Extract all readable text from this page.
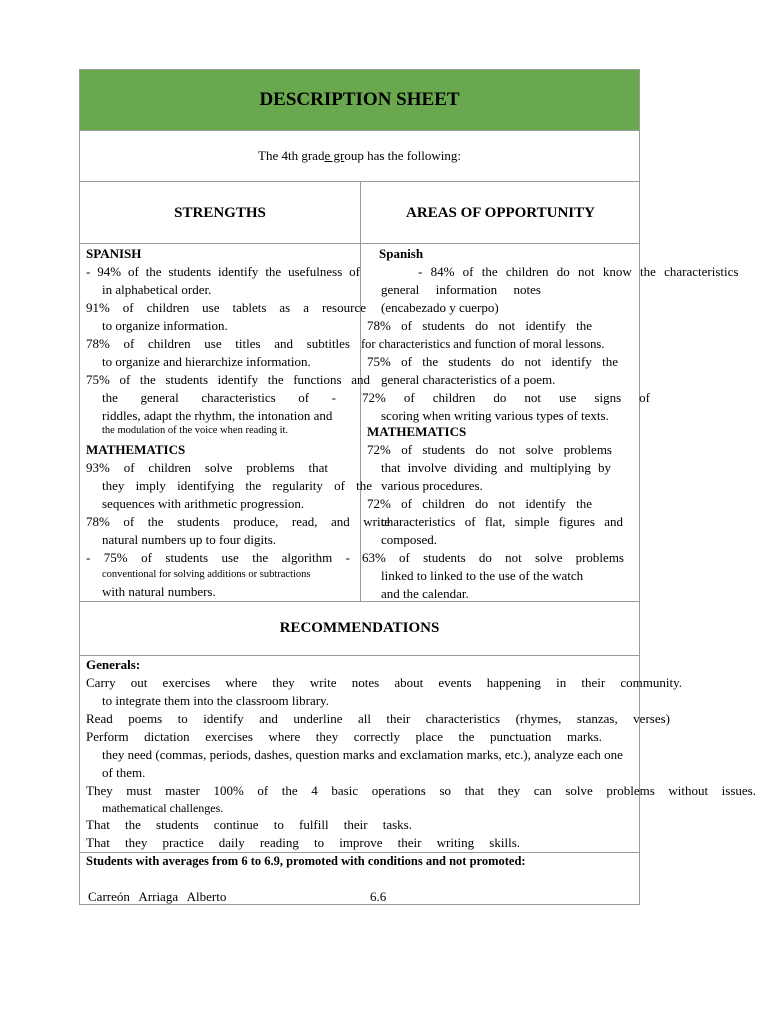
DESCRIPTION SHEET
The 4th grade group has the following:
STRENGTHS	AREAS OF OPPORTUNITY
SPANISH
- 94% of the students identify the usefulness of
in alphabetical order.
91% of children use tablets as a resource
to organize information.
78% of children use titles and subtitles
to organize and hierarchize information.
75% of the students identify the functions and
the general characteristics of -
riddles, adapt the rhythm, the intonation and
the modulation of the voice when reading it.
MATHEMATICS
93% of children solve problems that
they imply identifying the regularity of the
sequences with arithmetic progression.
78% of the students produce, read, and write
natural numbers up to four digits.
- 75% of students use the algorithm -
conventional for solving additions or subtractions
with natural numbers.
Spanish
- 84% of the children do not know the characteristics
general information notes
(encabezado y cuerpo)
78% of students do not identify the
for characteristics and function of moral lessons.
75% of the students do not identify the
general characteristics of a poem.
72% of children do not use signs of
scoring when writing various types of texts.
MATHEMATICS
72% of students do not solve problems
that involve dividing and multiplying by
various procedures.
72% of children do not identify the
characteristics of flat, simple figures and
composed.
63% of students do not solve problems
linked to linked to the use of the watch
and the calendar.
RECOMMENDATIONS
Generals:
Carry out exercises where they write notes about events happening in their community.
to integrate them into the classroom library.
Read poems to identify and underline all their characteristics (rhymes, stanzas, verses)
Perform dictation exercises where they correctly place the punctuation marks.
they need (commas, periods, dashes, question marks and exclamation marks, etc.), analyze each one
of them.
They must master 100% of the 4 basic operations so that they can solve problems without issues.
mathematical challenges.
That the students continue to fulfill their tasks.
That they practice daily reading to improve their writing skills.
Students with averages from 6 to 6.9, promoted with conditions and not promoted:
Carreón Arriaga Alberto	6.6
